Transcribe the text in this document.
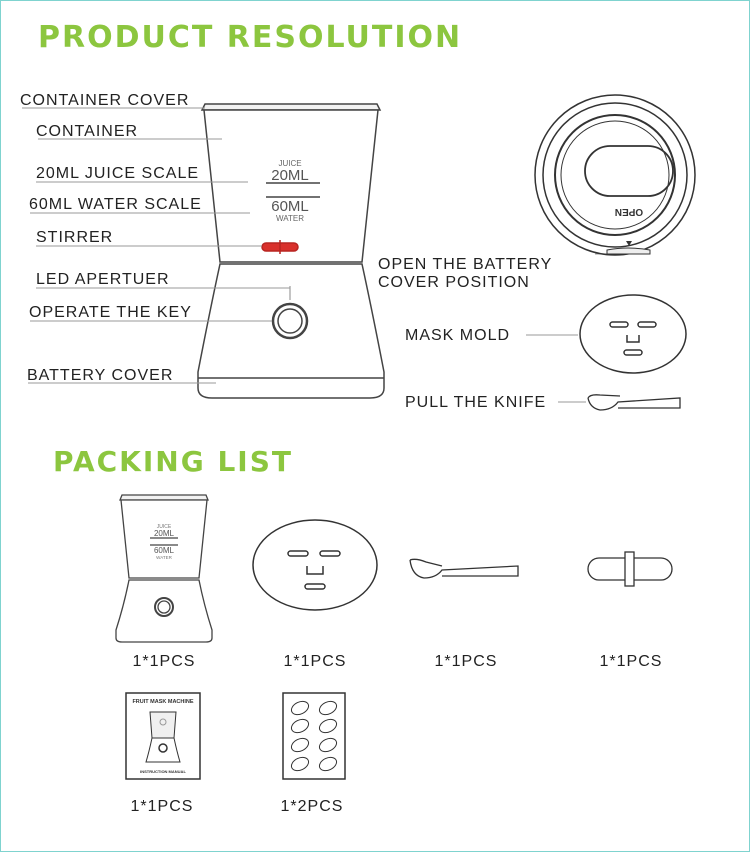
PRODUCT RESOLUTION
PACKING LIST
JUICE
20ML
60ML
WATER
OPEN
JUICE
20ML
60ML
WATER
FRUIT MASK MACHINE
INSTRUCTION MANUAL
CONTAINER COVER
CONTAINER
20ML JUICE SCALE
60ML WATER SCALE
STIRRER
LED APERTUER
OPERATE THE KEY
BATTERY COVER
OPEN THE BATTERY
COVER POSITION
MASK MOLD
PULL THE KNIFE
1*1PCS	1*1PCS	1*1PCS	1*1PCS
1*1PCS	1*2PCS
